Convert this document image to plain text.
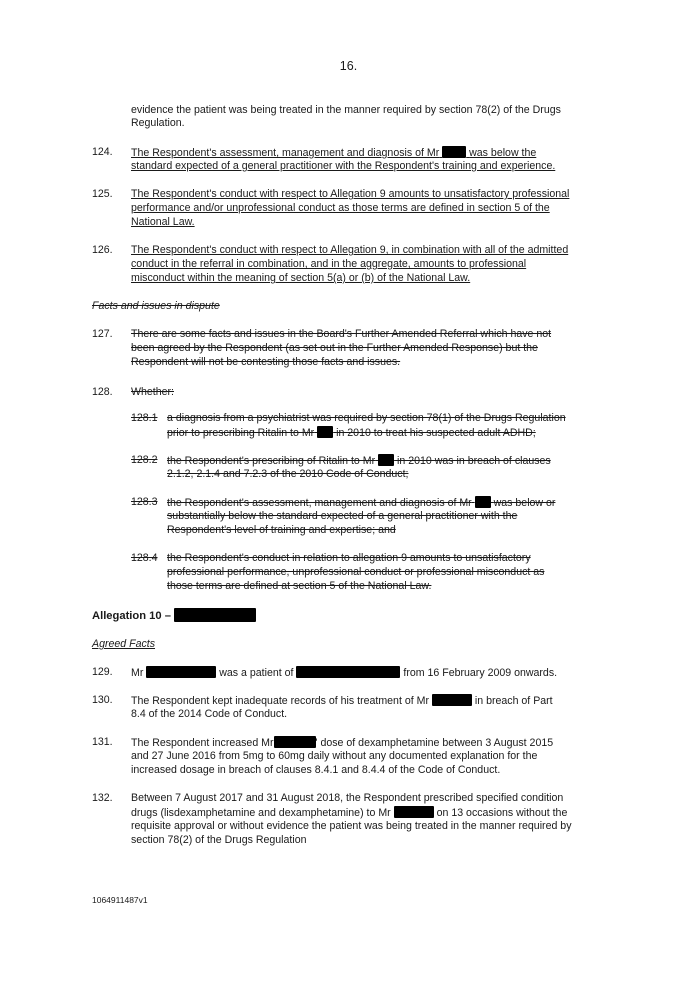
16.
evidence the patient was being treated in the manner required by section 78(2) of the Drugs
Regulation.
124. The Respondent's assessment, management and diagnosis of Mr	was below the
standard expected of a general practitioner with the Respondent's training and experience.
125. The Respondent's conduct with respect to Allegation 9 amounts to unsatisfactory professional
performance and/or unprofessional conduct as those terms are defined in section 5 of the
National Law.
126. The Respondent's conduct with respect to Allegation 9, in combination with all of the admitted
conduct in the referral in combination, and in the aggregate, amounts to professional
misconduct within the meaning of section 5(a) or (b) of the National Law.
Facts and issues in dispute
127. There are some facts and issues in the Board's Further Amended Referral which have not
been agreed by the Respondent (as set out in the Further Amended Response) but the
Respondent will not be contesting those facts and issues.
128. Whether:
128.1 a diagnosis from a psychiatrist was required by section 78(1) of the Drugs Regulation
prior to prescribing Ritalin to Mr in 2010 to treat his suspected adult ADHD;
128.2 the Respondent's prescribing of Ritalin to Mr in 2010 was in breach of clauses
2.1.2, 2.1.4 and 7.2.3 of the 2010 Code of Conduct;
128.3 the Respondent's assessment, management and diagnosis of Mr was below or
substantially below the standard expected of a general practitioner with the
Respondent's level of training and expertise; and
128.4 the Respondent's conduct in relation to allegation 9 amounts to unsatisfactory
professional performance, unprofessional conduct or professional misconduct as
those terms are defined at section 5 of the National Law.
Allegation 10 –
Agreed Facts
129. Mr	was a patient of	from 16 February 2009 onwards.
130. The Respondent kept inadequate records of his treatment of Mr	in breach of Part
8.4 of the 2014 Code of Conduct.
131. The Respondent increased Mr	' dose of dexamphetamine between 3 August 2015
and 27 June 2016 from 5mg to 60mg daily without any documented explanation for the
increased dosage in breach of clauses 8.4.1 and 8.4.4 of the Code of Conduct.
132. Between 7 August 2017 and 31 August 2018, the Respondent prescribed specified condition
drugs (lisdexamphetamine and dexamphetamine) to Mr	on 13 occasions without the
requisite approval or without evidence the patient was being treated in the manner required by
section 78(2) of the Drugs Regulation
1064911487v1
